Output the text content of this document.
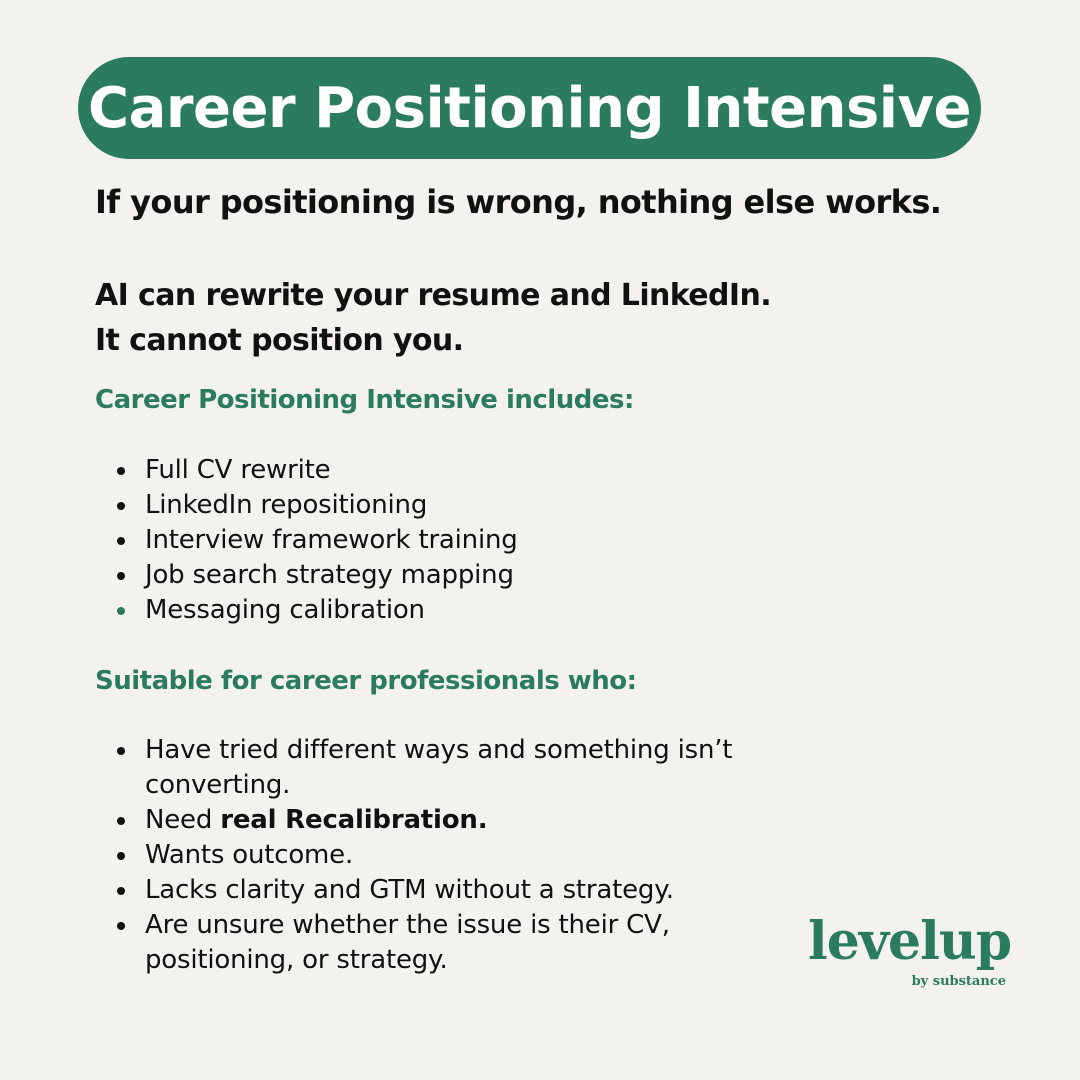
Career Positioning Intensive
If your positioning is wrong, nothing else works.
AI can rewrite your resume and LinkedIn.
It cannot position you.
Career Positioning Intensive includes:
Full CV rewrite
LinkedIn repositioning
Interview framework training
Job search strategy mapping
Messaging calibration
Suitable for career professionals who:
Have tried different ways and something isn’t converting.
Need real Recalibration.
Wants outcome.
Lacks clarity and GTM without a strategy.
Are unsure whether the issue is their CV, positioning, or strategy.	levelup
by substance
